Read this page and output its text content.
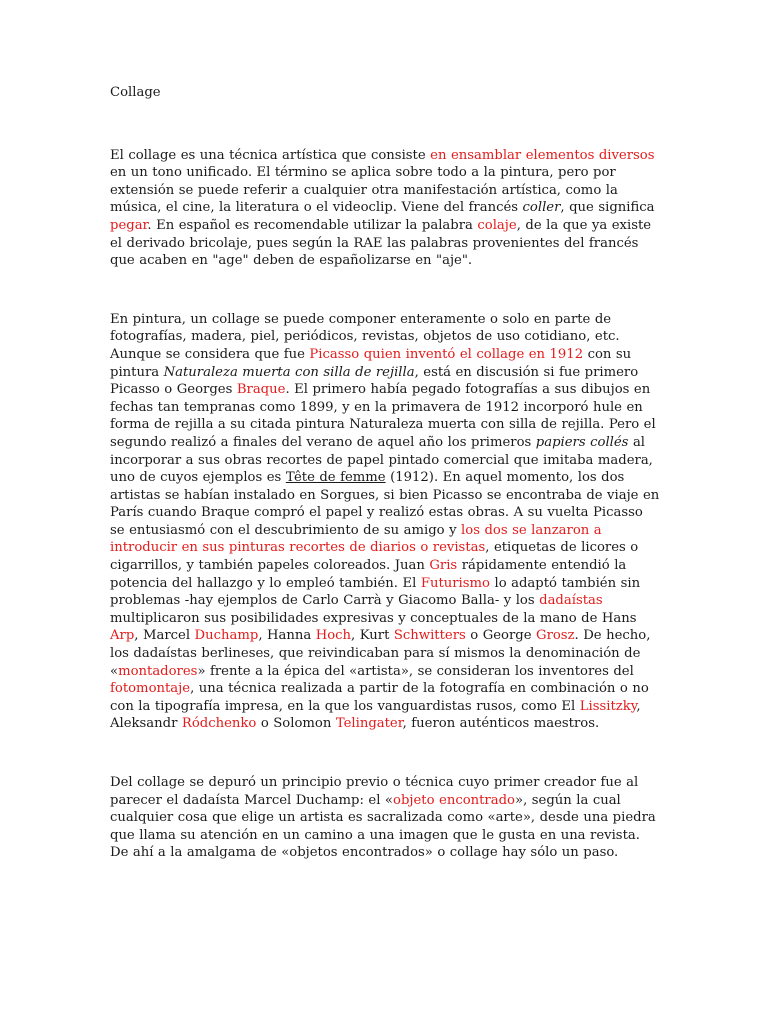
Collage

El collage es una técnica artística que consiste en ensamblar elementos diversos en un tono unificado. El término se aplica sobre todo a la pintura, pero por extensión se puede referir a cualquier otra manifestación artística, como la música, el cine, la literatura o el videoclip. Viene del francés coller, que significa pegar. En español es recomendable utilizar la palabra colaje, de la que ya existe el derivado bricolaje, pues según la RAE las palabras provenientes del francés que acaben en "age" deben de españolizarse en "aje".

En pintura, un collage se puede componer enteramente o solo en parte de fotografías, madera, piel, periódicos, revistas, objetos de uso cotidiano, etc. Aunque se considera que fue Picasso quien inventó el collage en 1912 con su pintura Naturaleza muerta con silla de rejilla, está en discusión si fue primero Picasso o Georges Braque. El primero había pegado fotografías a sus dibujos en fechas tan tempranas como 1899, y en la primavera de 1912 incorporó hule en forma de rejilla a su citada pintura Naturaleza muerta con silla de rejilla. Pero el segundo realizó a finales del verano de aquel año los primeros papiers collés al incorporar a sus obras recortes de papel pintado comercial que imitaba madera, uno de cuyos ejemplos es Tête de femme (1912). En aquel momento, los dos artistas se habían instalado en Sorgues, si bien Picasso se encontraba de viaje en París cuando Braque compró el papel y realizó estas obras. A su vuelta Picasso se entusiasmó con el descubrimiento de su amigo y los dos se lanzaron a introducir en sus pinturas recortes de diarios o revistas, etiquetas de licores o cigarrillos, y también papeles coloreados. Juan Gris rápidamente entendió la potencia del hallazgo y lo empleó también. El Futurismo lo adaptó también sin problemas -hay ejemplos de Carlo Carrà y Giacomo Balla- y los dadaístas multiplicaron sus posibilidades expresivas y conceptuales de la mano de Hans Arp, Marcel Duchamp, Hanna Hoch, Kurt Schwitters o George Grosz. De hecho, los dadaístas berlineses, que reivindicaban para sí mismos la denominación de «montadores» frente a la épica del «artista», se consideran los inventores del fotomontaje, una técnica realizada a partir de la fotografía en combinación o no con la tipografía impresa, en la que los vanguardistas rusos, como El Lissitzky, Aleksandr Ródchenko o Solomon Telingater, fueron auténticos maestros.

Del collage se depuró un principio previo o técnica cuyo primer creador fue al parecer el dadaísta Marcel Duchamp: el «objeto encontrado», según la cual cualquier cosa que elige un artista es sacralizada como «arte», desde una piedra que llama su atención en un camino a una imagen que le gusta en una revista. De ahí a la amalgama de «objetos encontrados» o collage hay sólo un paso.
